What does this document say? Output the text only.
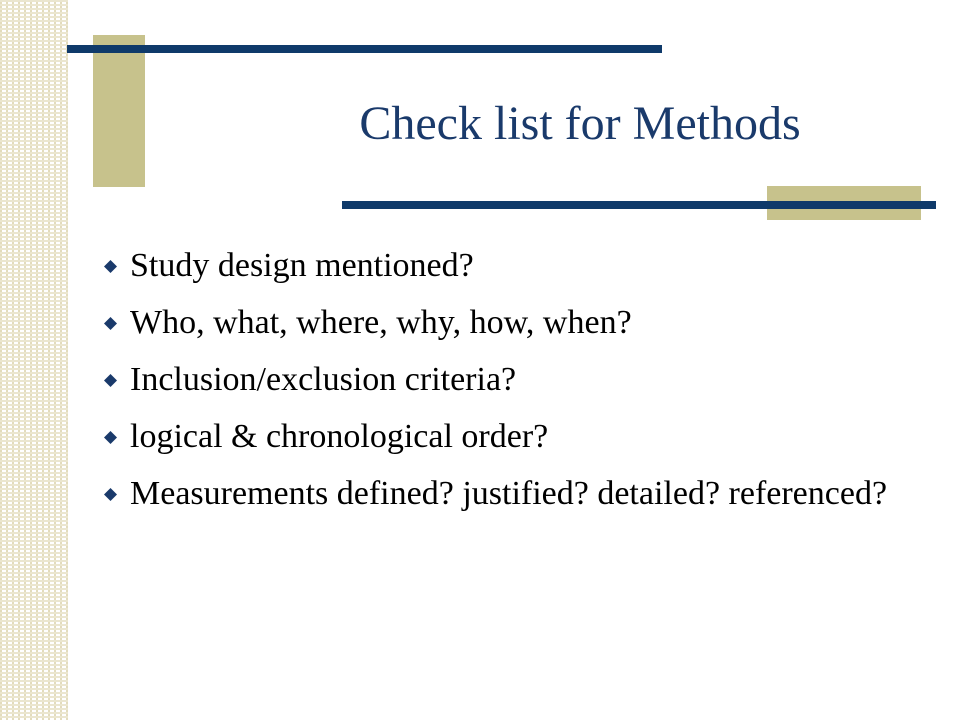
Check list for Methods
Study design mentioned?
Who, what, where, why, how, when?
Inclusion/exclusion criteria?
logical & chronological order?
Measurements defined? justified? detailed? referenced?
